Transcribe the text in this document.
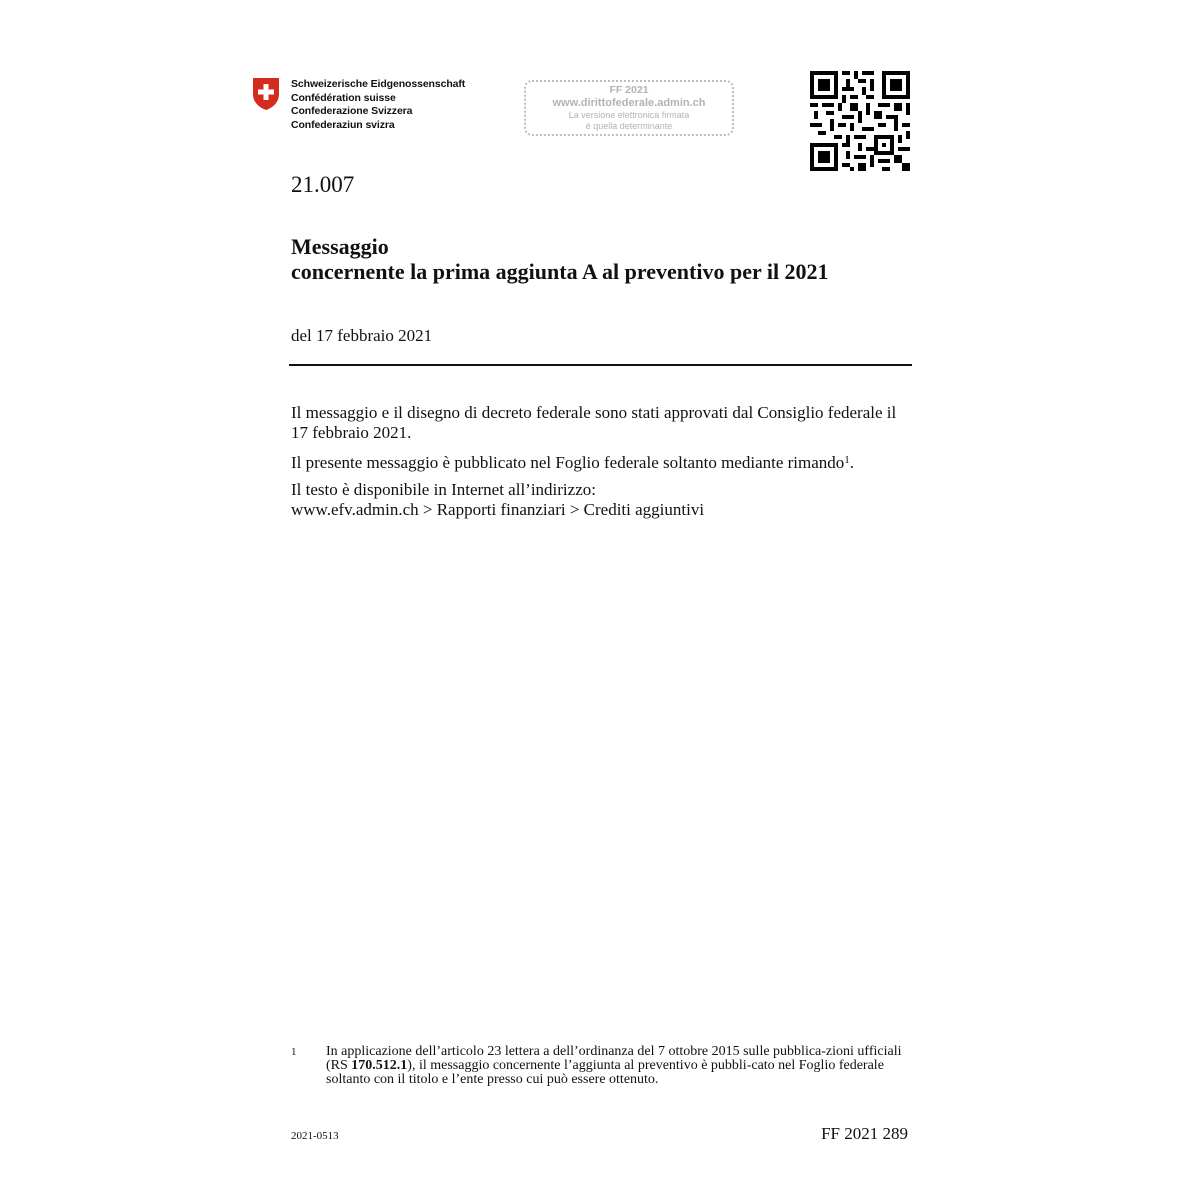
Schweizerische Eidgenossenschaft
Confédération suisse
Confederazione Svizzera
Confederaziun svizra
FF 2021
www.dirittofederale.admin.ch
La versione elettronica firmata
è quella determinante
21.007
Messaggio
concernente la prima aggiunta A al preventivo per il 2021
del 17 febbraio 2021

Il messaggio e il disegno di decreto federale sono stati approvati dal Consiglio federale il 17 febbraio 2021.

Il presente messaggio è pubblicato nel Foglio federale soltanto mediante rimando$^1$.

Il testo è disponibile in Internet all’indirizzo:
www.efv.admin.ch > Rapporti finanziari > Crediti aggiuntivi

1 In applicazione dell’articolo 23 lettera a dell’ordinanza del 7 ottobre 2015 sulle pubblica-zioni ufficiali (RS 170.512.1), il messaggio concernente l’aggiunta al preventivo è pubbli-cato nel Foglio federale soltanto con il titolo e l’ente presso cui può essere ottenuto.
2021-0513	FF 2021 289
